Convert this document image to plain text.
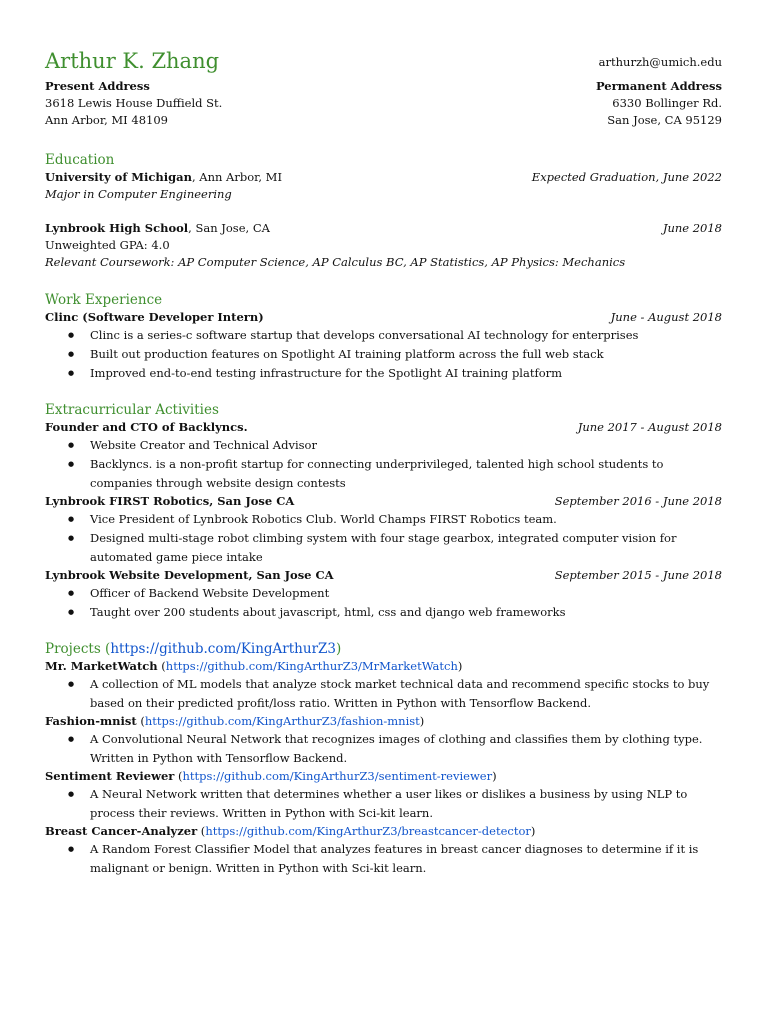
Arthur K. Zhang	arthurzh@umich.edu
Present Address
3618 Lewis House Duffield St.
Ann Arbor, MI 48109
Permanent Address
6330 Bollinger Rd.
San Jose, CA 95129
Education
University of Michigan, Ann Arbor, MI	Expected Graduation, June 2022
Major in Computer Engineering
Lynbrook High School, San Jose, CA	June 2018
Unweighted GPA: 4.0
Relevant Coursework: AP Computer Science, AP Calculus BC, AP Statistics, AP Physics: Mechanics
Work Experience
Clinc (Software Developer Intern)	June - August 2018
● Clinc is a series-c software startup that develops conversational AI technology for enterprises
● Built out production features on Spotlight AI training platform across the full web stack
● Improved end-to-end testing infrastructure for the Spotlight AI training platform
Extracurricular Activities
Founder and CTO of Backlyncs.	June 2017 - August 2018
● Website Creator and Technical Advisor
● Backlyncs. is a non-profit startup for connecting underprivileged, talented high school students to companies through website design contests
Lynbrook FIRST Robotics, San Jose CA	September 2016 - June 2018
● Vice President of Lynbrook Robotics Club. World Champs FIRST Robotics team.
● Designed multi-stage robot climbing system with four stage gearbox, integrated computer vision for automated game piece intake
Lynbrook Website Development, San Jose CA	September 2015 - June 2018
● Officer of Backend Website Development
● Taught over 200 students about javascript, html, css and django web frameworks
Projects (https://github.com/KingArthurZ3)
Mr. MarketWatch (https://github.com/KingArthurZ3/MrMarketWatch)
● A collection of ML models that analyze stock market technical data and recommend specific stocks to buy based on their predicted profit/loss ratio. Written in Python with Tensorflow Backend.
Fashion-mnist (https://github.com/KingArthurZ3/fashion-mnist)
● A Convolutional Neural Network that recognizes images of clothing and classifies them by clothing type. Written in Python with Tensorflow Backend.
Sentiment Reviewer (https://github.com/KingArthurZ3/sentiment-reviewer)
● A Neural Network written that determines whether a user likes or dislikes a business by using NLP to process their reviews. Written in Python with Sci-kit learn.
Breast Cancer-Analyzer (https://github.com/KingArthurZ3/breastcancer-detector)
● A Random Forest Classifier Model that analyzes features in breast cancer diagnoses to determine if it is malignant or benign. Written in Python with Sci-kit learn.
